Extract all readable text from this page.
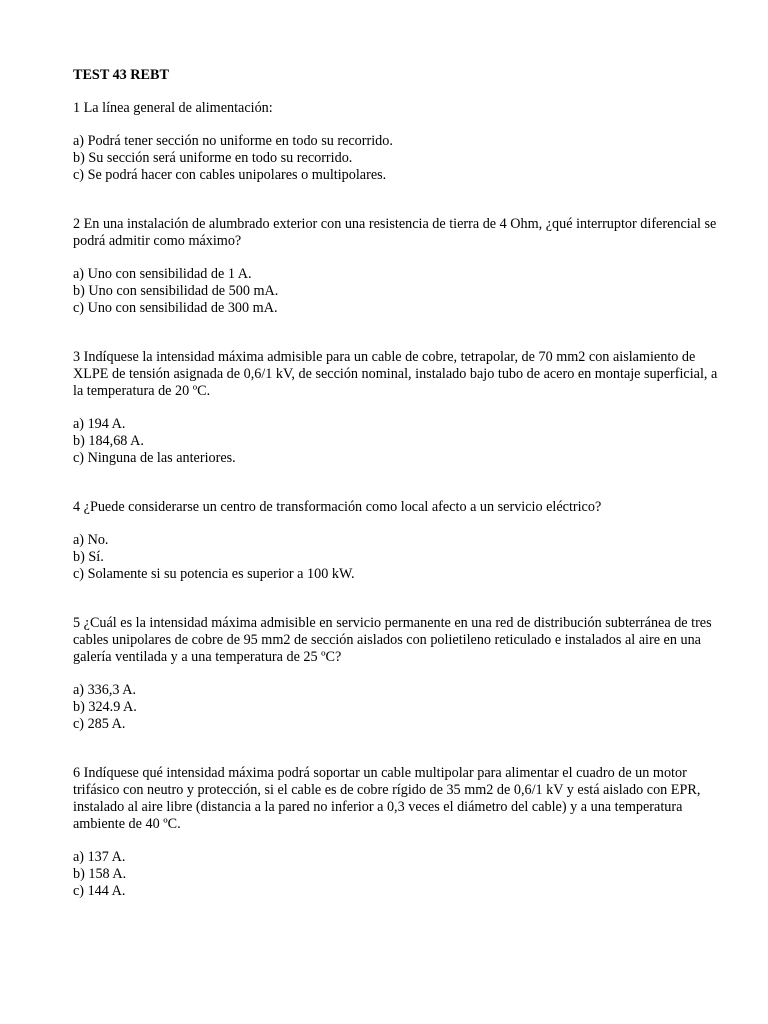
TEST 43 REBT
1 La línea general de alimentación:
a) Podrá tener sección no uniforme en todo su recorrido.
b) Su sección será uniforme en todo su recorrido.
c) Se podrá hacer con cables unipolares o multipolares.
2 En una instalación de alumbrado exterior con una resistencia de tierra de 4 Ohm, ¿qué interruptor diferencial se podrá admitir como máximo?
a) Uno con sensibilidad de 1 A.
b) Uno con sensibilidad de 500 mA.
c) Uno con sensibilidad de 300 mA.
3 Indíquese la intensidad máxima admisible para un cable de cobre, tetrapolar, de 70 mm2 con aislamiento de XLPE de tensión asignada de 0,6/1 kV, de sección nominal, instalado bajo tubo de acero en montaje superficial, a la temperatura de 20 ºC.
a) 194 A.
b) 184,68 A.
c) Ninguna de las anteriores.
4 ¿Puede considerarse un centro de transformación como local afecto a un servicio eléctrico?
a) No.
b) Sí.
c) Solamente si su potencia es superior a 100 kW.
5 ¿Cuál es la intensidad máxima admisible en servicio permanente en una red de distribución subterránea de tres cables unipolares de cobre de 95 mm2 de sección aislados con polietileno reticulado e instalados al aire en una galería ventilada y a una temperatura de 25 ºC?
a) 336,3 A.
b) 324.9 A.
c) 285 A.
6 Indíquese qué intensidad máxima podrá soportar un cable multipolar para alimentar el cuadro de un motor trifásico con neutro y protección, si el cable es de cobre rígido de 35 mm2 de 0,6/1 kV y está aislado con EPR, instalado al aire libre (distancia a la pared no inferior a 0,3 veces el diámetro del cable) y a una temperatura ambiente de 40 ºC.
a) 137 A.
b) 158 A.
c) 144 A.
